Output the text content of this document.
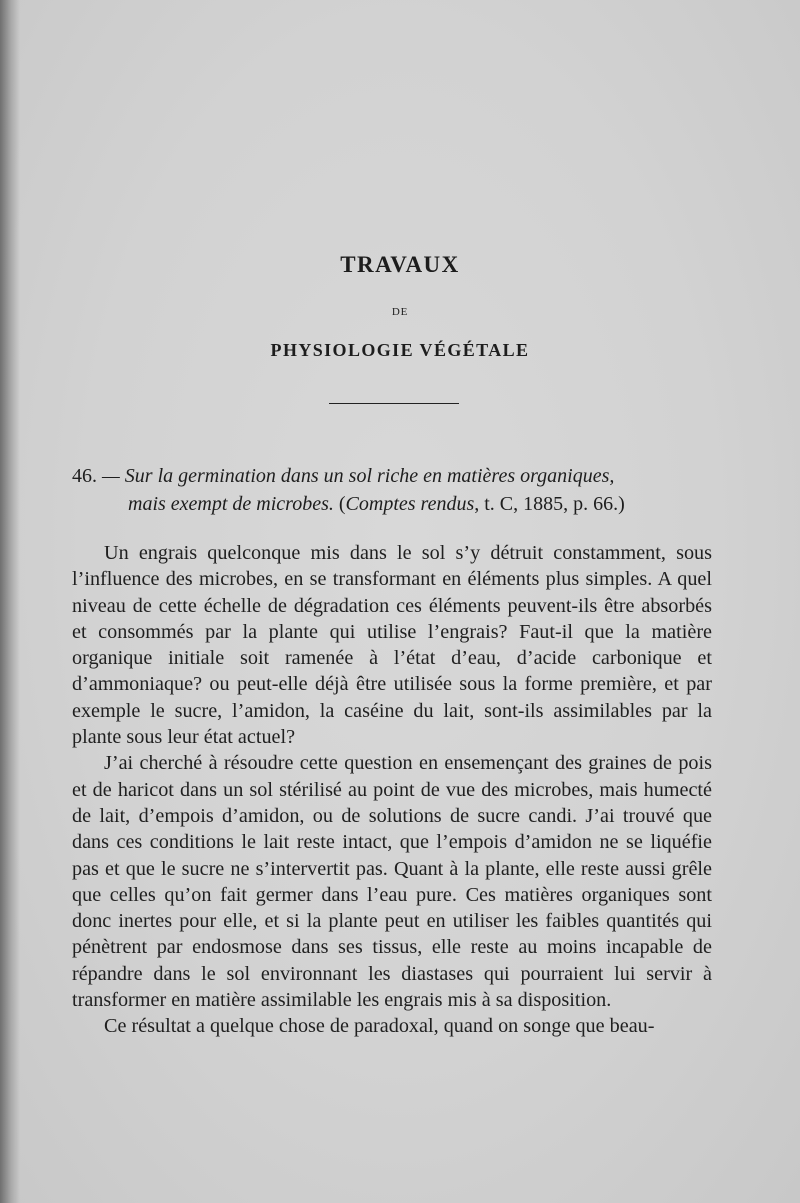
TRAVAUX
DE
PHYSIOLOGIE VÉGÉTALE
46. — Sur la germination dans un sol riche en matières organiques,
mais exempt de microbes. (Comptes rendus, t. C, 1885, p. 66.)

Un engrais quelconque mis dans le sol s’y détruit constamment, sous l’influence des microbes, en se transformant en éléments plus simples. A quel niveau de cette échelle de dégradation ces éléments peuvent-ils être absorbés et consommés par la plante qui utilise l’engrais? Faut-il que la matière organique initiale soit ramenée à l’état d’eau, d’acide carbonique et d’ammoniaque? ou peut-elle déjà être utilisée sous la forme première, et par exemple le sucre, l’amidon, la caséine du lait, sont-ils assimilables par la plante sous leur état actuel?

J’ai cherché à résoudre cette question en ensemençant des graines de pois et de haricot dans un sol stérilisé au point de vue des microbes, mais humecté de lait, d’empois d’amidon, ou de solutions de sucre candi. J’ai trouvé que dans ces conditions le lait reste intact, que l’empois d’amidon ne se liquéfie pas et que le sucre ne s’intervertit pas. Quant à la plante, elle reste aussi grêle que celles qu’on fait germer dans l’eau pure. Ces matières organiques sont donc inertes pour elle, et si la plante peut en utiliser les faibles quantités qui pénètrent par endosmose dans ses tissus, elle reste au moins incapable de répandre dans le sol environnant les diastases qui pourraient lui servir à transformer en matière assimilable les engrais mis à sa disposition.

Ce résultat a quelque chose de paradoxal, quand on songe que beau-
